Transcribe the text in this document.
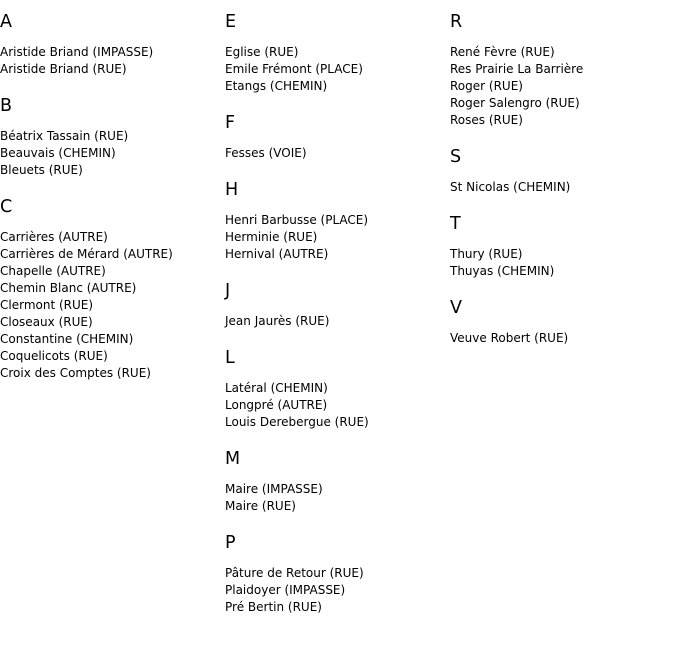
A
Aristide Briand (IMPASSE)
Aristide Briand (RUE)
B
Béatrix Tassain (RUE)
Beauvais (CHEMIN)
Bleuets (RUE)
C
Carrières (AUTRE)
Carrières de Mérard (AUTRE)
Chapelle (AUTRE)
Chemin Blanc (AUTRE)
Clermont (RUE)
Closeaux (RUE)
Constantine (CHEMIN)
Coquelicots (RUE)
Croix des Comptes (RUE)
E
Eglise (RUE)
Emile Frémont (PLACE)
Etangs (CHEMIN)
F
Fesses (VOIE)
H
Henri Barbusse (PLACE)
Herminie (RUE)
Hernival (AUTRE)
J
Jean Jaurès (RUE)
L
Latéral (CHEMIN)
Longpré (AUTRE)
Louis Derebergue (RUE)
M
Maire (IMPASSE)
Maire (RUE)
P
Pâture de Retour (RUE)
Plaidoyer (IMPASSE)
Pré Bertin (RUE)
R
René Fèvre (RUE)
Res Prairie La Barrière
Roger (RUE)
Roger Salengro (RUE)
Roses (RUE)
S
St Nicolas (CHEMIN)
T
Thury (RUE)
Thuyas (CHEMIN)
V
Veuve Robert (RUE)
